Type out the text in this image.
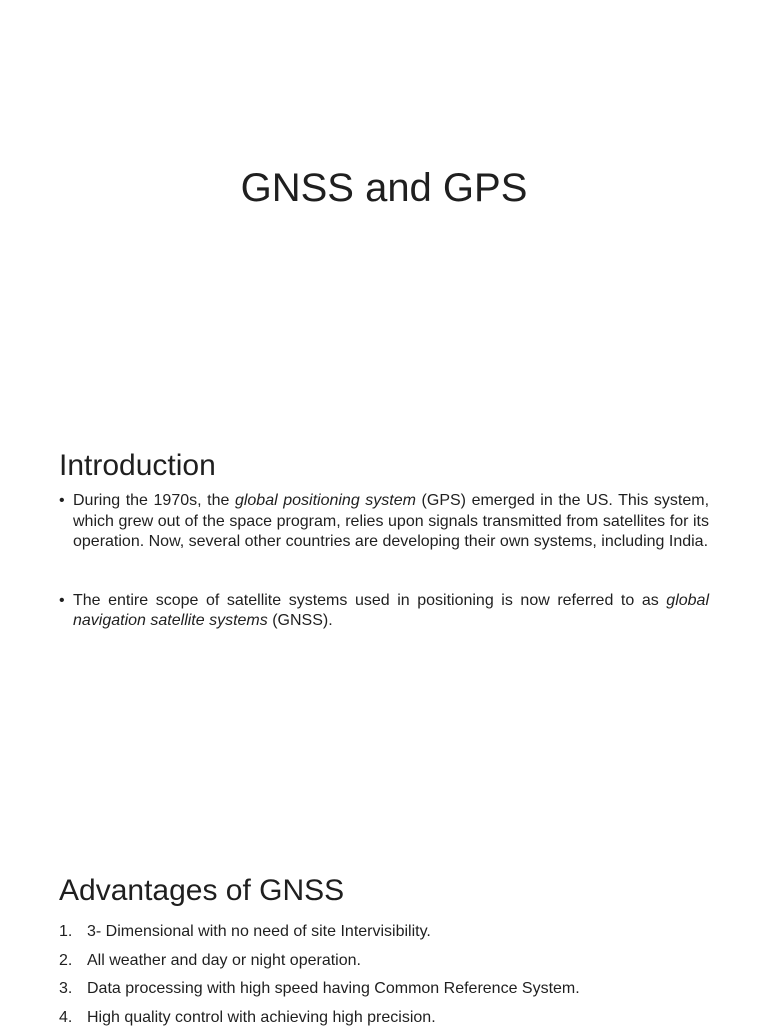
GNSS and GPS
Introduction
• During the 1970s, the global positioning system (GPS) emerged in the US. This system, which grew out of the space program, relies upon signals transmitted from satellites for its operation. Now, several other countries are developing their own systems, including India.
• The entire scope of satellite systems used in positioning is now referred to as global navigation satellite systems (GNSS).
Advantages of GNSS
1. 3- Dimensional with no need of site Intervisibility.
2. All weather and day or night operation.
3. Data processing with high speed having Common Reference System.
4. High quality control with achieving high precision.
